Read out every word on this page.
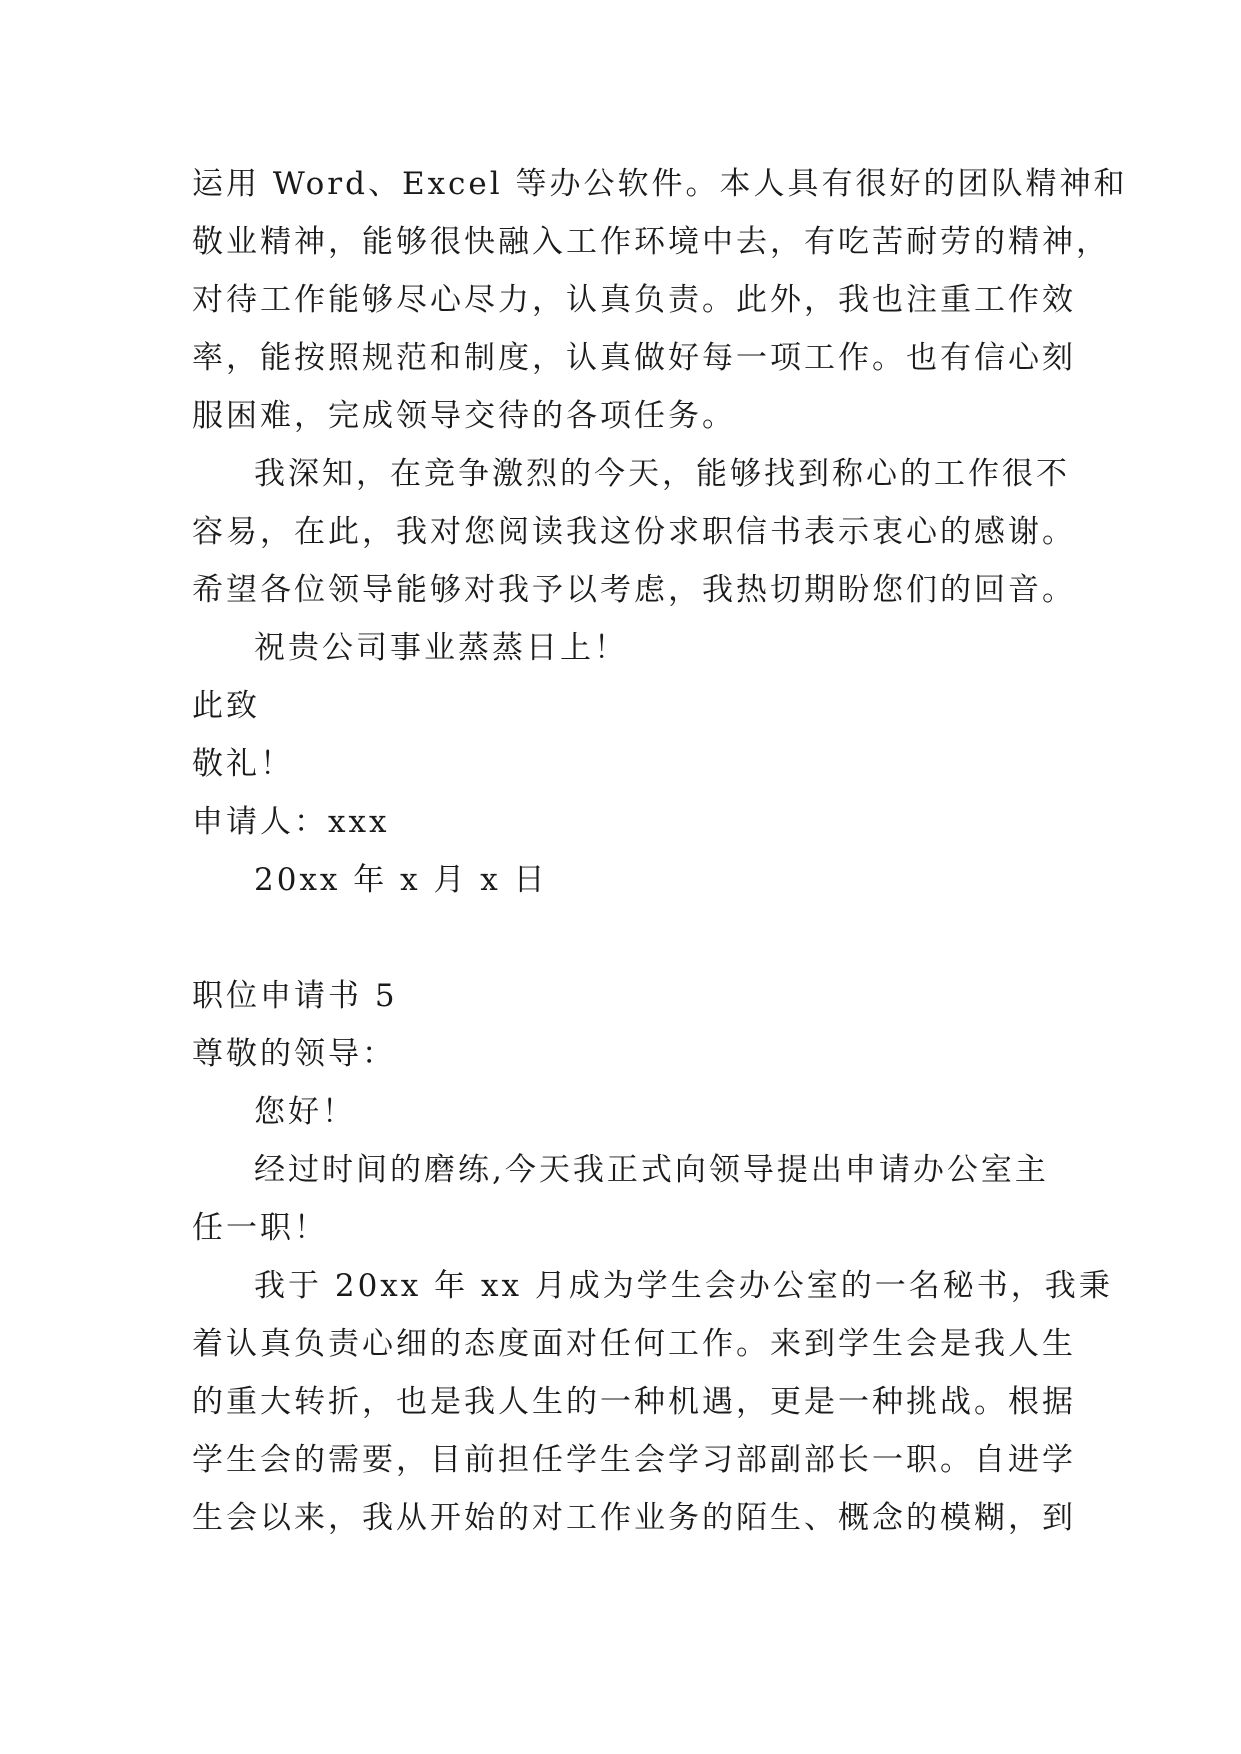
运用 Word、Excel 等办公软件。本人具有很好的团队精神和
敬业精神，能够很快融入工作环境中去，有吃苦耐劳的精神，
对待工作能够尽心尽力，认真负责。此外，我也注重工作效
率，能按照规范和制度，认真做好每一项工作。也有信心刻
服困难，完成领导交待的各项任务。
我深知，在竞争激烈的今天，能够找到称心的工作很不
容易，在此，我对您阅读我这份求职信书表示衷心的感谢。
希望各位领导能够对我予以考虑，我热切期盼您们的回音。
祝贵公司事业蒸蒸日上！
此致
敬礼！
申请人：xxx
20xx 年 x 月 x 日
职位申请书 5
尊敬的领导：
您好！
经过时间的磨练,今天我正式向领导提出申请办公室主
任一职！
我于 20xx 年 xx 月成为学生会办公室的一名秘书，我秉
着认真负责心细的态度面对任何工作。来到学生会是我人生
的重大转折，也是我人生的一种机遇，更是一种挑战。根据
学生会的需要，目前担任学生会学习部副部长一职。自进学
生会以来，我从开始的对工作业务的陌生、概念的模糊，到
